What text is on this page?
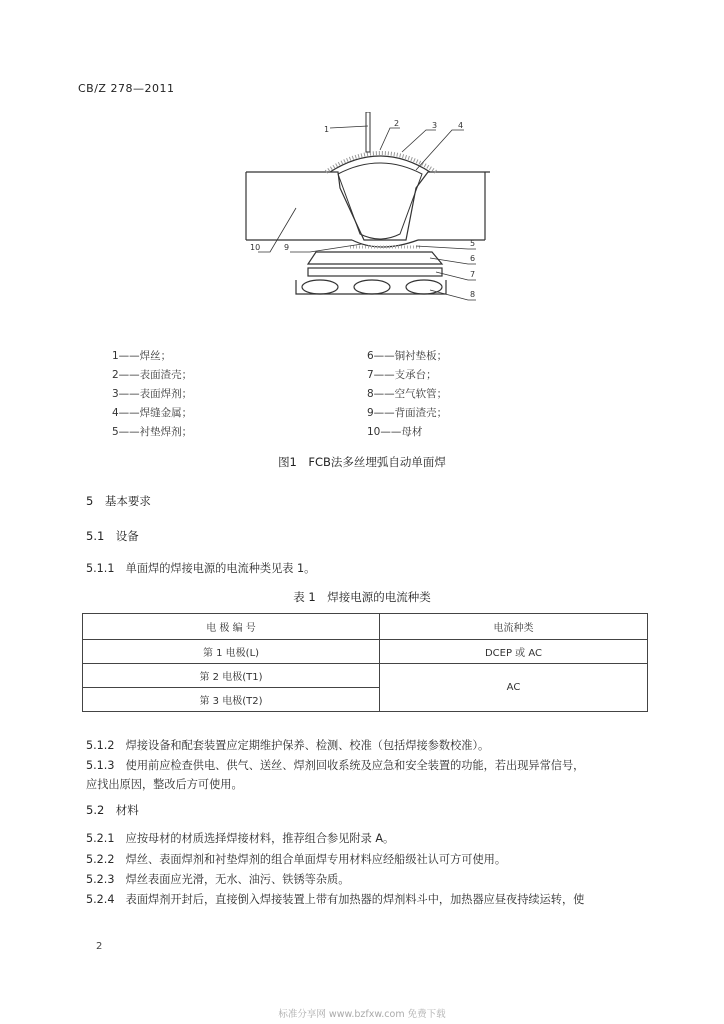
CB/Z 278—2011
1
2	3	4
5
6
7
8
9
10
1——焊丝；
2——表面渣壳；
3——表面焊剂；
4——焊缝金属；
5——衬垫焊剂；
6——铜衬垫板；
7——支承台；
8——空气软管；
9——背面渣壳；
10——母材
图1　FCB法多丝埋弧自动单面焊
5　基本要求
5.1　设备
5.1.1　单面焊的焊接电源的电流种类见表 1。
表 1　焊接电源的电流种类
电 极 编 号	电流种类
第 1 电极(L)	DCEP 或 AC
第 2 电极(T1)	AC
第 3 电极(T2)	
5.1.2　焊接设备和配套装置应定期维护保养、检测、校准（包括焊接参数校准）。
5.1.3　使用前应检查供电、供气、送丝、焊剂回收系统及应急和安全装置的功能，若出现异常信号，
应找出原因，整改后方可使用。
5.2　材料
5.2.1　应按母材的材质选择焊接材料，推荐组合参见附录 A。
5.2.2　焊丝、表面焊剂和衬垫焊剂的组合单面焊专用材料应经船级社认可方可使用。
5.2.3　焊丝表面应光滑，无水、油污、铁锈等杂质。
5.2.4　表面焊剂开封后，直接倒入焊接装置上带有加热器的焊剂料斗中，加热器应昼夜持续运转，使
2
标准分享网 www.bzfxw.com 免费下载
